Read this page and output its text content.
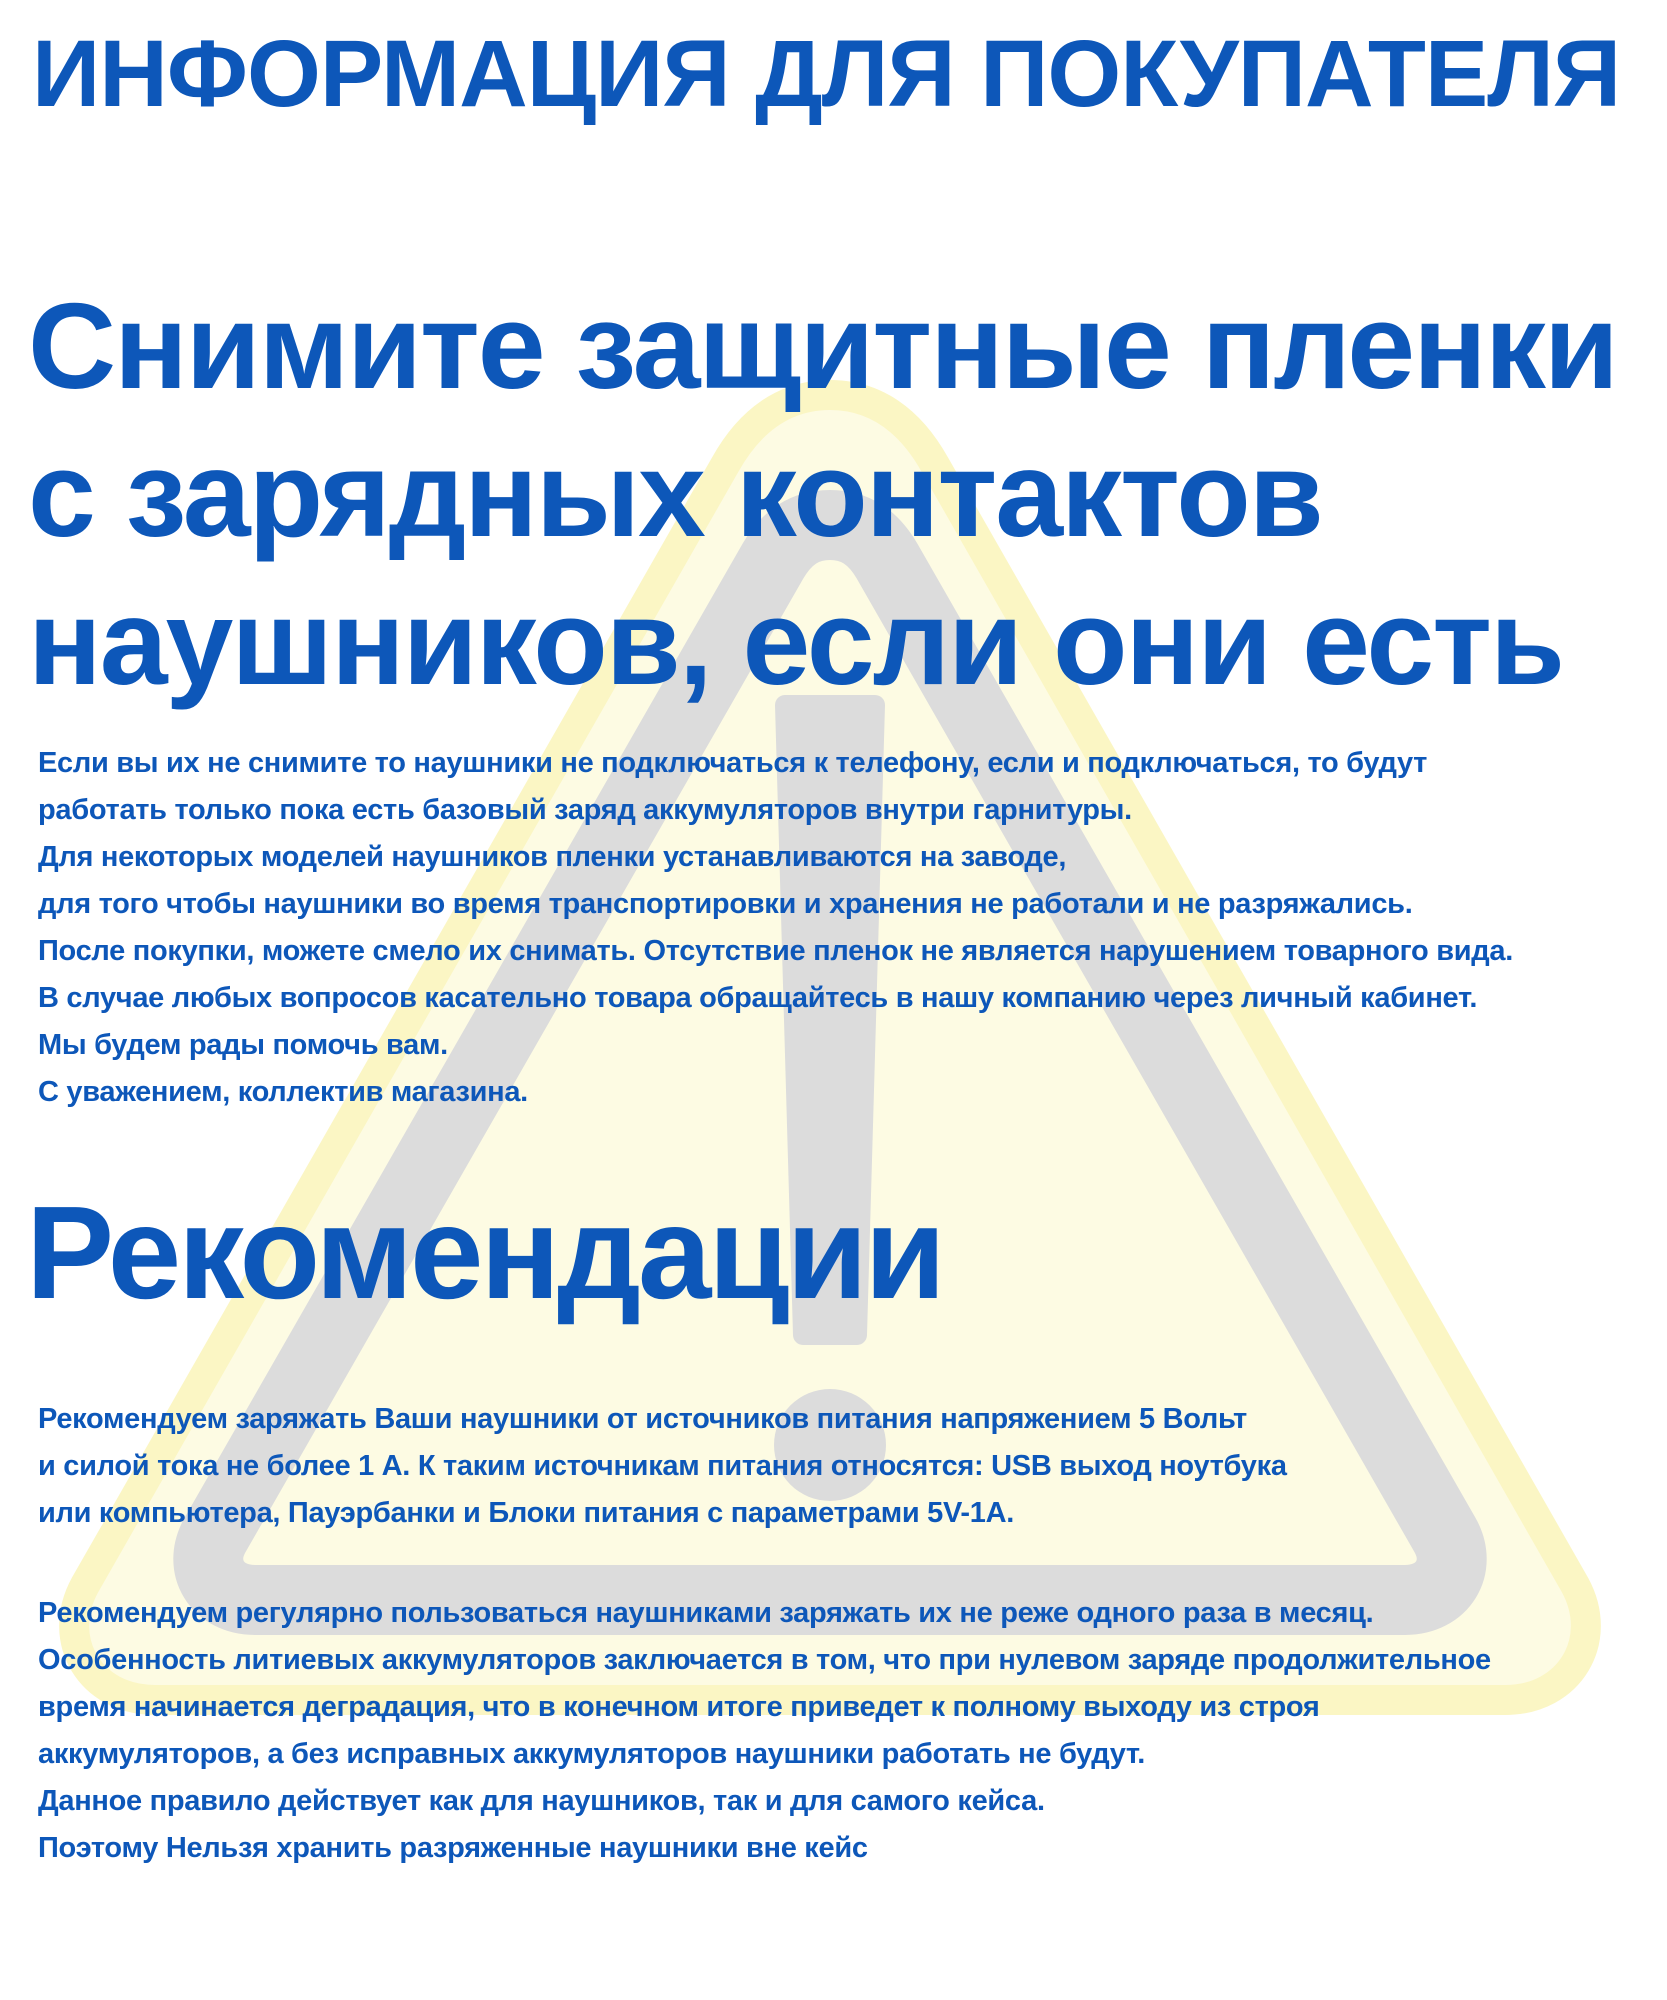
ИНФОРМАЦИЯ ДЛЯ ПОКУПАТЕЛЯ
Снимите защитные пленки
с зарядных контактов
наушников, если они есть

Если вы их не снимите то наушники не подключаться к телефону, если и подключаться, то будут
работать только пока есть базовый заряд аккумуляторов внутри гарнитуры.
Для некоторых моделей наушников пленки устанавливаются на заводе,
для того чтобы наушники во время транспортировки и хранения не работали и не разряжались.
После покупки, можете смело их снимать. Отсутствие пленок не является нарушением товарного вида.
В случае любых вопросов касательно товара обращайтесь в нашу компанию через личный кабинет.
Мы будем рады помочь вам.
С уважением, коллектив магазина.

Рекомендации

Рекомендуем заряжать Ваши наушники от источников питания напряжением 5 Вольт
и силой тока не более 1 А. К таким источникам питания относятся: USB выход ноутбука
или компьютера, Пауэрбанки и Блоки питания с параметрами 5V-1A.

Рекомендуем регулярно пользоваться наушниками заряжать их не реже одного раза в месяц.
Особенность литиевых аккумуляторов заключается в том, что при нулевом заряде продолжительное
время начинается деградация, что в конечном итоге приведет к полному выходу из строя
аккумуляторов, а без исправных аккумуляторов наушники работать не будут.
Данное правило действует как для наушников, так и для самого кейса.
Поэтому Нельзя хранить разряженные наушники вне кейс
